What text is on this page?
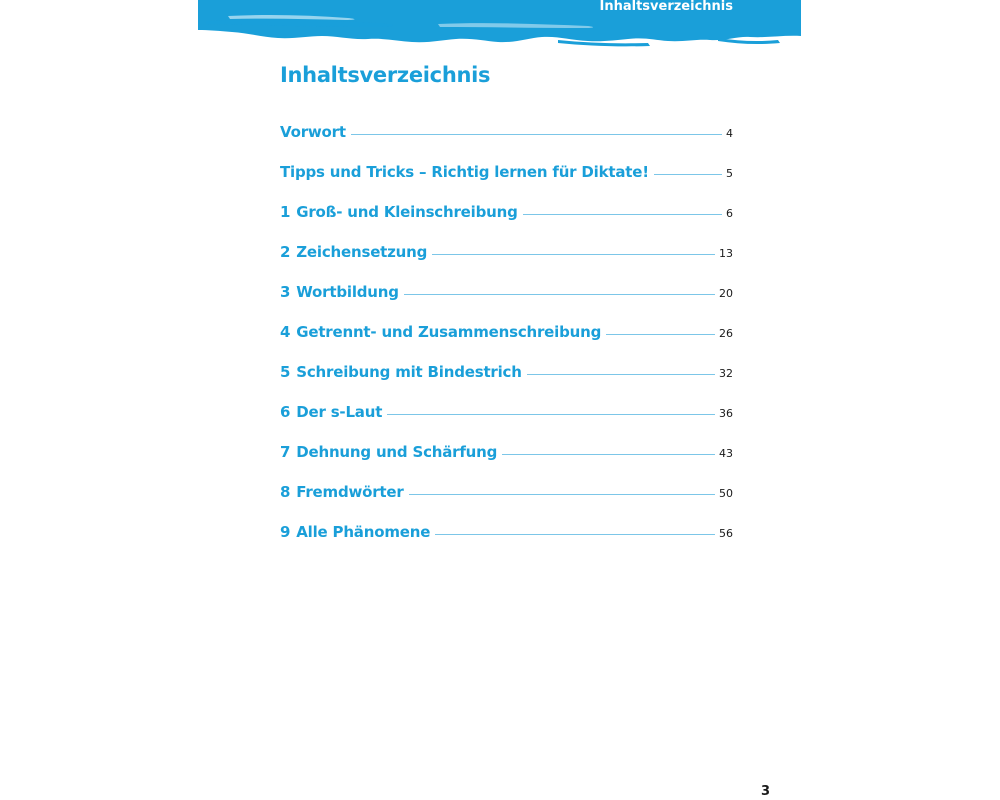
Inhaltsverzeichnis
Inhaltsverzeichnis
Vorwort	4
Tipps und Tricks – Richtig lernen für Diktate!	5
1 Groß- und Kleinschreibung	6
2 Zeichensetzung	13
3 Wortbildung	20
4 Getrennt- und Zusammenschreibung	26
5 Schreibung mit Bindestrich	32
6 Der s-Laut	36
7 Dehnung und Schärfung	43
8 Fremdwörter	50
9 Alle Phänomene	56
3
